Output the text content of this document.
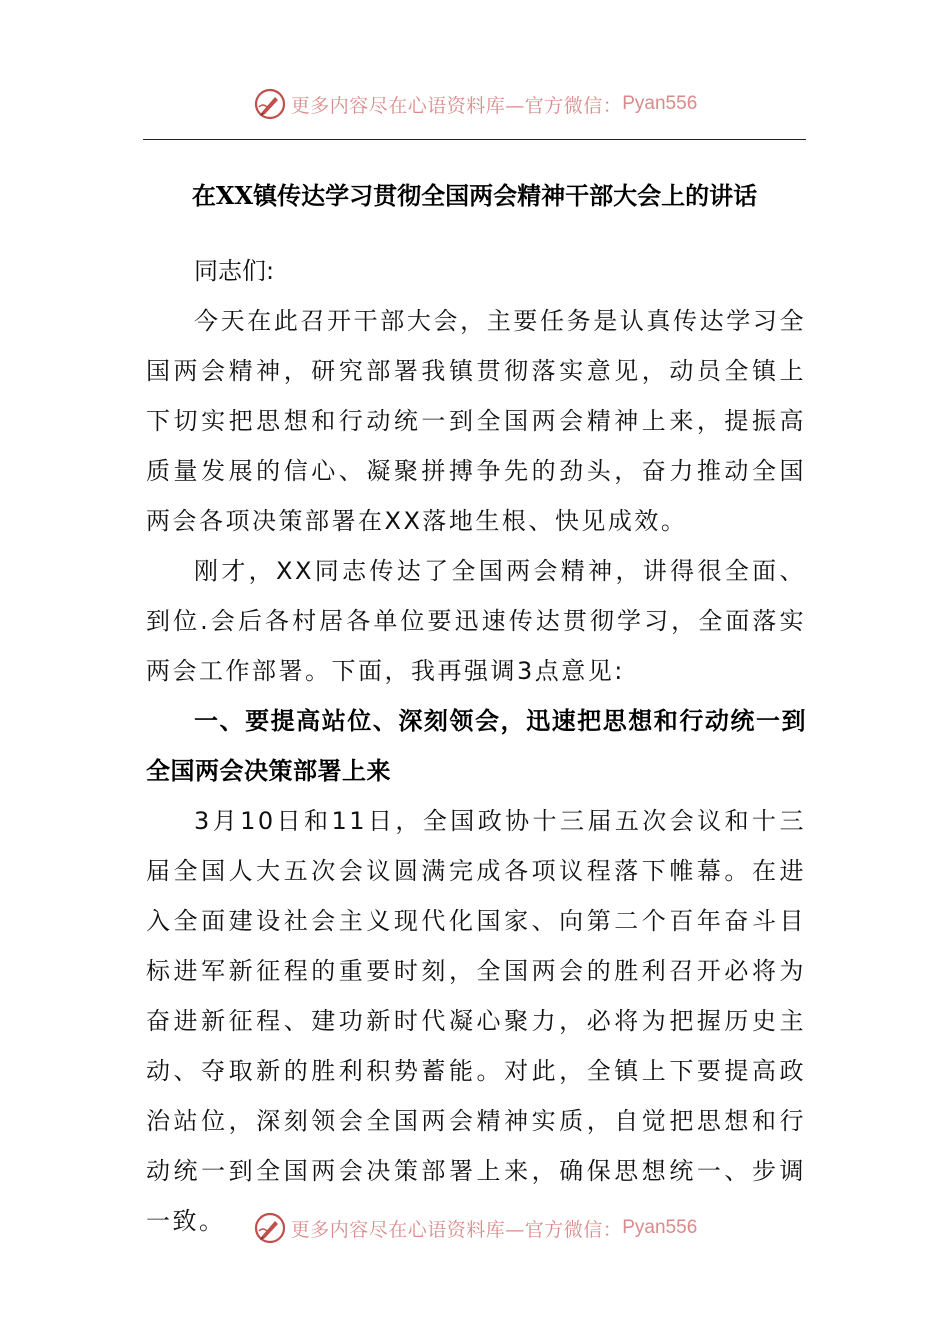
更多内容尽在心语资料库—官方微信： Pyan556
在XX镇传达学习贯彻全国两会精神干部大会上的讲话

同志们:

今天在此召开干部大会，主要任务是认真传达学习全国两会精神，研究部署我镇贯彻落实意见，动员全镇上下切实把思想和行动统一到全国两会精神上来，提振高质量发展的信心、凝聚拼搏争先的劲头，奋力推动全国两会各项决策部署在XX落地生根、快见成效。

刚才，XX同志传达了全国两会精神，讲得很全面、到位.会后各村居各单位要迅速传达贯彻学习，全面落实两会工作部署。下面，我再强调3点意见:

一、要提高站位、深刻领会，迅速把思想和行动统一到全国两会决策部署上来

3月10日和11日，全国政协十三届五次会议和十三届全国人大五次会议圆满完成各项议程落下帷幕。在进入全面建设社会主义现代化国家、向第二个百年奋斗目标进军新征程的重要时刻，全国两会的胜利召开必将为奋进新征程、建功新时代凝心聚力，必将为把握历史主动、夺取新的胜利积势蓄能。对此，全镇上下要提高政治站位，深刻领会全国两会精神实质，自觉把思想和行动统一到全国两会决策部署上来，确保思想统一、步调一致。	更多内容尽在心语资料库—官方微信： Pyan556
